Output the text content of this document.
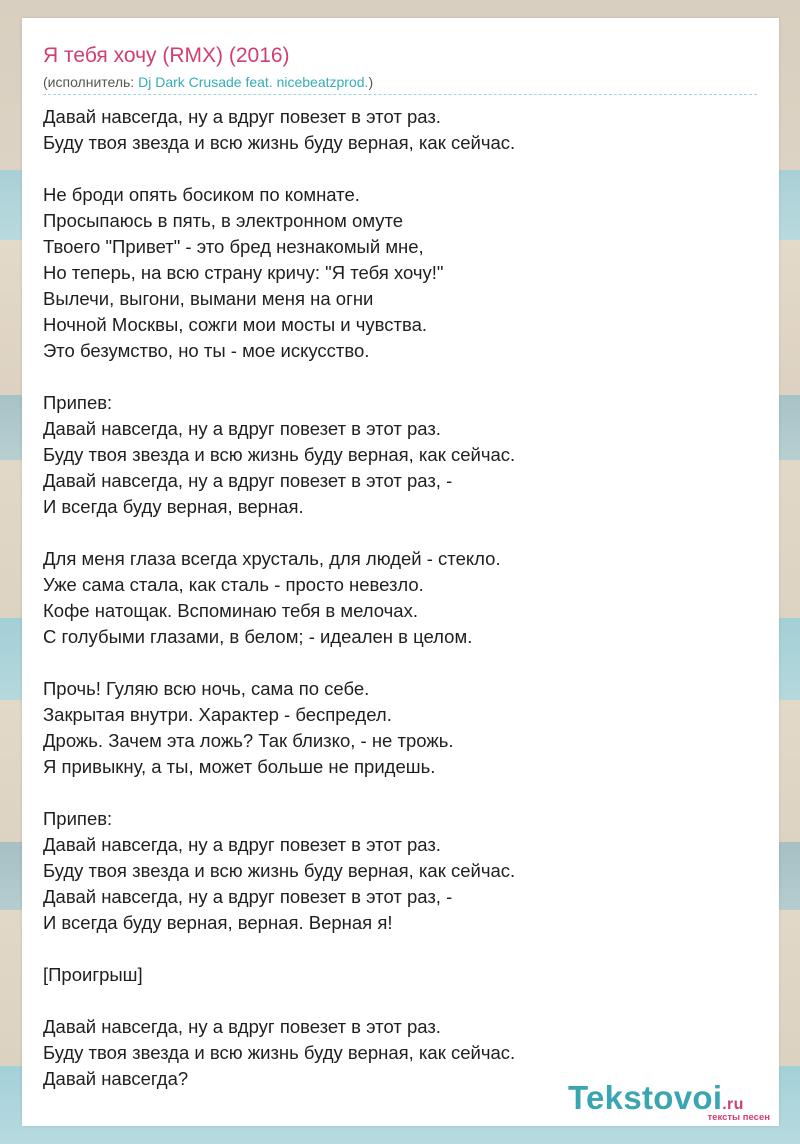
Я тебя хочу (RMX) (2016)
(исполнитель: Dj Dark Crusade feat. nicebeatzprod.)
Давай навсегда, ну а вдруг повезет в этот раз.
Буду твоя звезда и всю жизнь буду верная, как сейчас.
Не броди опять босиком по комнате.
Просыпаюсь в пять, в электронном омуте
Твоего "Привет" - это бред незнакомый мне,
Но теперь, на всю страну кричу: "Я тебя хочу!"
Вылечи, выгони, вымани меня на огни
Ночной Москвы, сожги мои мосты и чувства.
Это безумство, но ты - мое искусство.
Припев:
Давай навсегда, ну а вдруг повезет в этот раз.
Буду твоя звезда и всю жизнь буду верная, как сейчас.
Давай навсегда, ну а вдруг повезет в этот раз, -
И всегда буду верная, верная.
Для меня глаза всегда хрусталь, для людей - стекло.
Уже сама стала, как сталь - просто невезло.
Кофе натощак. Вспоминаю тебя в мелочах.
С голубыми глазами, в белом; - идеален в целом.
Прочь! Гуляю всю ночь, сама по себе.
Закрытая внутри. Характер - беспредел.
Дрожь. Зачем эта ложь? Так близко, - не трожь.
Я привыкну, а ты, может больше не придешь.
Припев:
Давай навсегда, ну а вдруг повезет в этот раз.
Буду твоя звезда и всю жизнь буду верная, как сейчас.
Давай навсегда, ну а вдруг повезет в этот раз, -
И всегда буду верная, верная. Верная я!
[Проигрыш]
Давай навсегда, ну а вдруг повезет в этот раз.
Буду твоя звезда и всю жизнь буду верная, как сейчас.
Давай навсегда?
Tekstovoi.ru
тексты песен
